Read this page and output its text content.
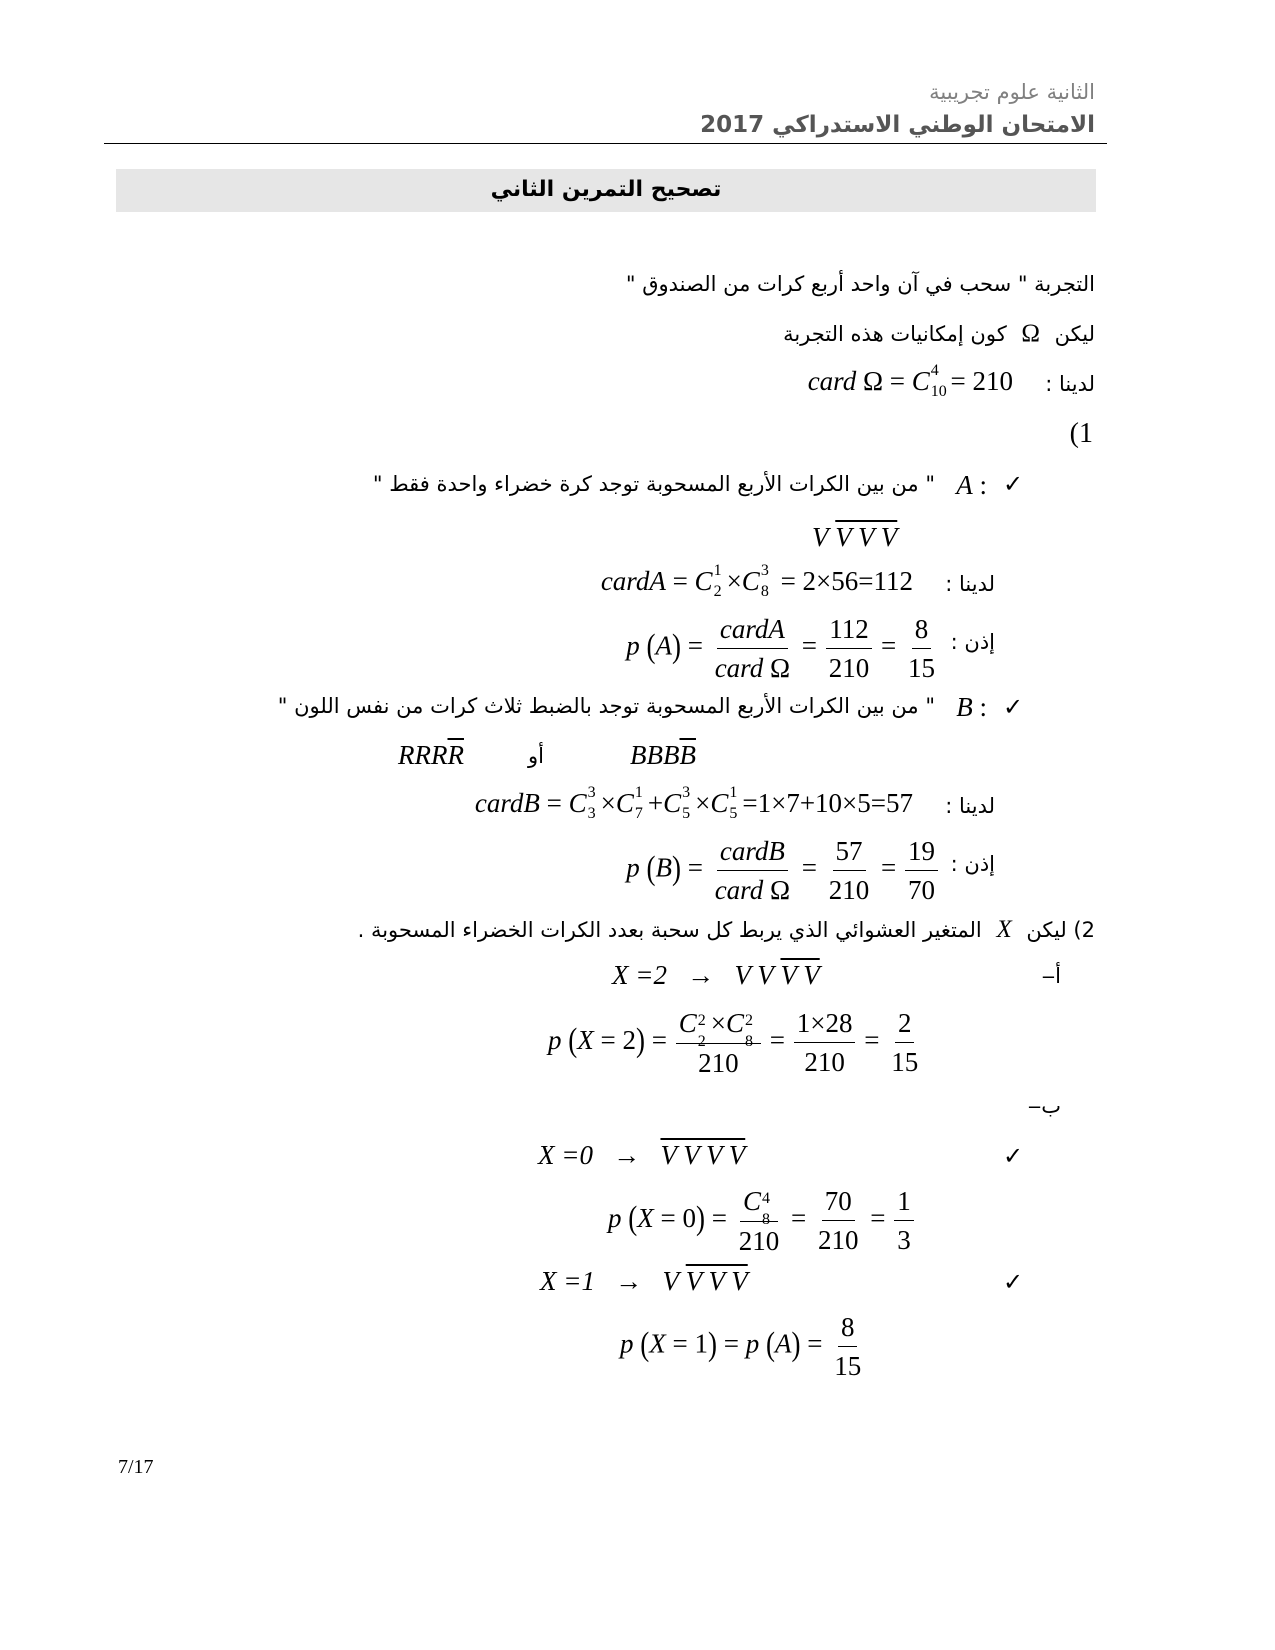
الثانية علوم تجريبية
الامتحان الوطني الاستدراكي 2017
تصحيح التمرين الثاني
التجربة " سحب في آن واحد أربع كرات من الصندوق "
ليكن Ω كون إمكانيات هذه التجربة
لدينا :
card Ω = C 4
10
= 210
(1
✓
A :
" من بين الكرات الأربع المسحوبة توجد كرة خضراء واحدة فقط "
V V V V
لدينا :
cardA = C 1
2 ×C 3
8 = 2×56=112
إذن :
p $(A) = \frac{\text{cardA}}{\text{card Ω}} = \frac{112}{210} = \frac{8}{15}$
✓
B :
" من بين الكرات الأربع المسحوبة توجد بالضبط ثلاث كرات من نفس اللون "
$RRR\overline{R}$	أو	$BBB\overline{B}$
لدينا :
cardB = C 3
3 ×C 1
7 +C 3
5 ×C 1
5 =1×7+10×5=57
إذن :
p $(B) = \frac{\text{cardB}}{\text{card Ω}} = \frac{57}{210} = \frac{19}{70}$
2) ليكن X المتغير العشوائي الذي يربط كل سحبة بعدد الكرات الخضراء المسحوبة .
أ‒
X =2   →   V V V V
p (X = 2) = C 2
2
×C 2
8
$210 = \frac{1\times 28}{210} = \frac{2}{15}$
ب‒
✓
X =0   →   V V V V
p (X = 0) = C 4
8
$210 = \frac{70}{210} = \frac{1}{3}$
✓
X =1   →   V V V V
p (X = 1) = p $(A) = \frac{8}{15}$
7/17
